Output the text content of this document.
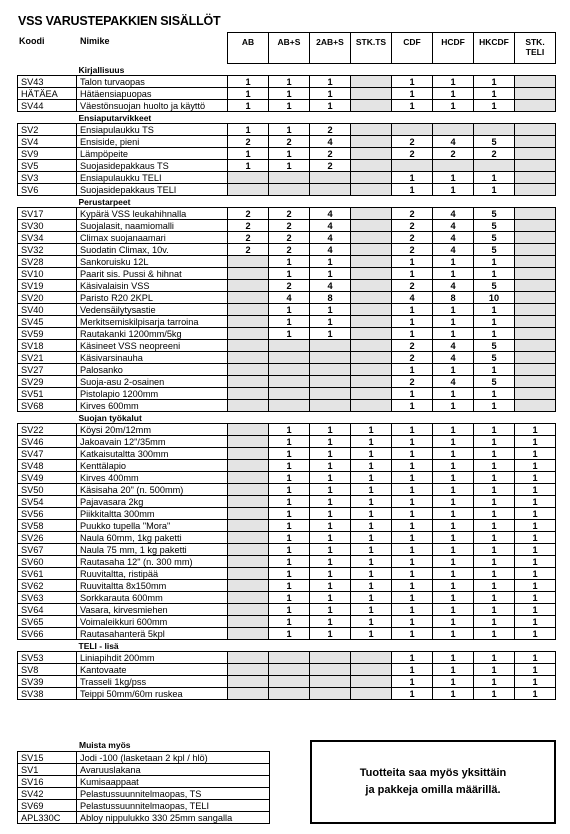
VSS VARUSTEPAKKIEN SISÄLLÖT
Koodi	Nimike
		AB	AB+S	2AB+S	STK.TS	CDF	HCDF	HKCDF	STK.
TELI
	Kirjallisuus								
SV43	Talon turvaopas	1	1	1		1	1	1	
HÄTÄEA	Hätäensiapuopas	1	1	1		1	1	1	
SV44	Väestönsuojan huolto ja käyttö	1	1	1		1	1	1	
	Ensiaputarvikkeet								
SV2	Ensiapulaukku TS	1	1	2					
SV4	Ensiside, pieni	2	2	4		2	4	5	
SV9	Lämpöpeite	1	1	2		2	2	2	
SV5	Suojasidepakkaus TS	1	1	2					
SV3	Ensiapulaukku TELI					1	1	1	
SV6	Suojasidepakkaus TELI					1	1	1	
	Perustarpeet								
SV17	Kypärä VSS leukahihnalla	2	2	4		2	4	5	
SV30	Suojalasit, naamiomalli	2	2	4		2	4	5	
SV34	Climax suojanaamari	2	2	4		2	4	5	
SV32	Suodatin Climax, 10v.	2	2	4		2	4	5	
SV28	Sankoruisku 12L		1	1		1	1	1	
SV10	Paarit sis. Pussi & hihnat		1	1		1	1	1	
SV19	Käsivalaisin VSS		2	4		2	4	5	
SV20	Paristo R20 2KPL		4	8		4	8	10	
SV40	Vedensäilytysastie		1	1		1	1	1	
SV45	Merkitsemiskilpisarja tarroina		1	1		1	1	1	
SV59	Rautakanki 1200mm/5kg		1	1		1	1	1	
SV18	Käsineet VSS neopreeni					2	4	5	
SV21	Käsivarsinauha					2	4	5	
SV27	Palosanko					1	1	1	
SV29	Suoja-asu 2-osainen					2	4	5	
SV51	Pistolapio 1200mm					1	1	1	
SV68	Kirves 600mm					1	1	1	
	Suojan työkalut								
SV22	Köysi 20m/12mm		1	1	1	1	1	1	1
SV46	Jakoavain 12"/35mm		1	1	1	1	1	1	1
SV47	Katkaisutaltta 300mm		1	1	1	1	1	1	1
SV48	Kenttälapio		1	1	1	1	1	1	1
SV49	Kirves 400mm		1	1	1	1	1	1	1
SV50	Käsisaha 20" (n. 500mm)		1	1	1	1	1	1	1
SV54	Pajavasara 2kg		1	1	1	1	1	1	1
SV56	Piikkitaltta 300mm		1	1	1	1	1	1	1
SV58	Puukko tupella "Mora"		1	1	1	1	1	1	1
SV26	Naula 60mm, 1kg paketti		1	1	1	1	1	1	1
SV67	Naula 75 mm, 1 kg paketti		1	1	1	1	1	1	1
SV60	Rautasaha 12" (n. 300 mm)		1	1	1	1	1	1	1
SV61	Ruuvitaltta, ristipää		1	1	1	1	1	1	1
SV62	Ruuvitaltta 8x150mm		1	1	1	1	1	1	1
SV63	Sorkkarauta 600mm		1	1	1	1	1	1	1
SV64	Vasara, kirvesmiehen		1	1	1	1	1	1	1
SV65	Voimaleikkuri 600mm		1	1	1	1	1	1	1
SV66	Rautasahanterä 5kpl		1	1	1	1	1	1	1
	TELI - lisä								
SV53	Liniapihdit 200mm					1	1	1	1
SV8	Kantovaate					1	1	1	1
SV39	Trasseli 1kg/pss					1	1	1	1
SV38	Teippi 50mm/60m ruskea					1	1	1	1
Muista myös
SV15	Jodi -100 (lasketaan 2 kpl / hlö)
SV1	Avaruuslakana
SV16	Kumisaappaat
SV42	Pelastussuunnitelmaopas, TS
SV69	Pelastussuunnitelmaopas, TELI
APL330C	Abloy nippulukko 330 25mm sangalla
Tuotteita saa myös yksittäin
ja pakkeja omilla määrillä.
